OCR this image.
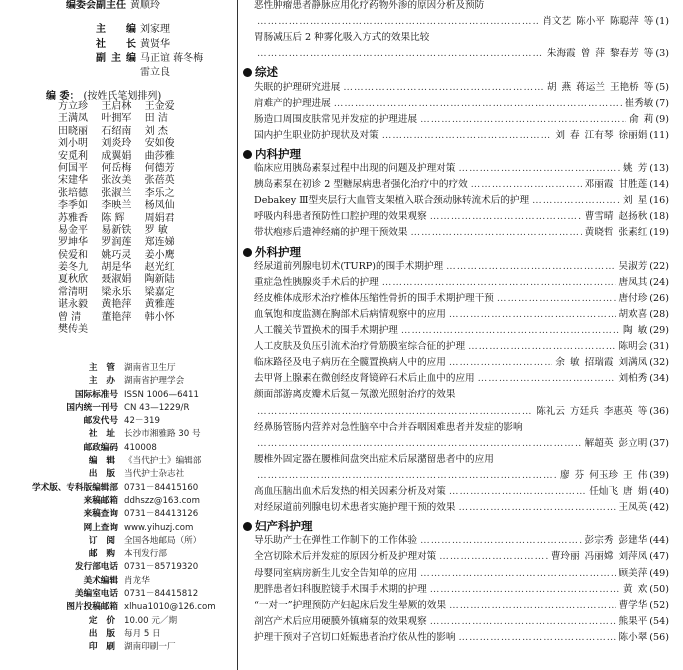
编委会副主任 黄顺玲
主 编 刘家理
社 长 黄贤华
副主编 马正谊 蒋冬梅
雷立良
编 委： (按姓氏笔划排列)
方立珍	王启林	王金爱
王满凤	叶拥军	田 洁
田晓丽	石绍南	刘 杰
刘小明	刘炎玲	安如俊
安觅利	成翼娟	曲莎雅
何国平	何岳梅	何德芳
宋建华	张汝美	张蓓英
张培德	张淑兰	李乐之
李季如	李映兰	杨凤仙
苏雅香	陈 辉	周娟君
易金平	易新铁	罗 敏
罗坤华	罗润莲	郑连娣
侯爱和	姚巧灵	姜小鹰
姜冬九	胡是华	赵光红
夏秋欣	聂淑娟	陶新陆
常清明	梁永乐	梁嘉定
谌永毅	黄艳萍	黄雅莲
曾 清	董艳萍	韩小怀
樊传美
主 管 湖南省卫生厅
主 办 湖南省护理学会
国际标准号 ISSN 1006—6411
国内统一刊号 CN 43—1229/R
邮发代号 42－319
社 址 长沙市湘雅路 30 号
邮政编码 410008
编 辑 《当代护士》编辑部
出 版 当代护士杂志社
学术版、专科版编辑部 0731－84415160
来稿邮箱 ddhszz@163.com
来稿查询 0731－84413126
网上查询 www.yihuzj.com
订 阅 全国各地邮局（所）
邮 购 本刊发行部
发行部电话 0731－85719320
美术编辑 肖龙华
美编室电话 0731－84415812
图片投稿邮箱 xlhua1010@126.com
定 价 10.00 元／期
出 版 每月 5 日
印 刷 湖南印刷一厂
恶性肿瘤患者静脉应用化疗药物外渗的原因分析及预防
……………………………………………………………………………………………………………………………………………………………………………
肖文艺 陈小平 陈聪萍 等 (1)
胃肠减压后 2 种雾化吸入方式的效果比较
……………………………………………………………………………………………………………………………………………………………………………
朱海霞 曾 萍 黎春芳 等 (3)
综述
失眠的护理研究进展 ……………………………………………………………………………………………………………………………………………………………………………	胡 燕 蒋运兰 王艳桥 等 (5)
肩难产的护理进展 ……………………………………………………………………………………………………………………………………………………………………………	崔秀敏 (7)
肠造口周围皮肤常见并发症的护理进展 ……………………………………………………………………………………………………………………………………………………………………………	俞 莉 (9)
国内护生职业防护现状及对策 ……………………………………………………………………………………………………………………………………………………………………………	刘 春 江有琴 徐丽娟 (11)
内科护理
临床应用胰岛素泵过程中出现的问题及护理对策 ……………………………………………………………………………………………………………………………………………………………………………	姚 芳 (13)
胰岛素泵在初诊 2 型糖尿病患者强化治疗中的疗效 ……………………………………………………………………………………………………………………………………………………………………………	邓丽霞 甘胜莲 (14)
Debakey Ⅲ型夹层行大血管支架植入联合颈动脉转流术后的护理 ……………………………………………………………………………………………………………………………………………………………………………	刘 星 (16)
呼吸内科患者预防性口腔护理的效果观察 ……………………………………………………………………………………………………………………………………………………………………………	曹雪晴 赵扬秋 (18)
带状疱疹后遗神经痛的护理干预效果 ……………………………………………………………………………………………………………………………………………………………………………	黄晓哲 张素红 (19)
外科护理
经尿道前列腺电切术(TURP)的围手术期护理 ……………………………………………………………………………………………………………………………………………………………………………	吴淑芳 (22)
重症急性胰腺炎手术后的护理 ……………………………………………………………………………………………………………………………………………………………………………	唐凤其 (24)
经皮椎体成形术治疗椎体压缩性骨折的围手术期护理干预 ……………………………………………………………………………………………………………………………………………………………………………	唐付珍 (26)
血氧饱和度监测在胸部术后病情观察中的应用 ……………………………………………………………………………………………………………………………………………………………………………	胡欢喜 (28)
人工髋关节置换术的围手术期护理 ……………………………………………………………………………………………………………………………………………………………………………	陶 敏 (29)
人工皮肤及负压引流术治疗骨筋膜室综合征的护理 ……………………………………………………………………………………………………………………………………………………………………………	陈明会 (31)
临床路径及电子病历在全髋置换病人中的应用 ……………………………………………………………………………………………………………………………………………………………………………	余 敏 招瑞霞 刘满凤 (32)
去甲肾上腺素在微创经皮肾镜碎石术后止血中的应用 ……………………………………………………………………………………………………………………………………………………………………………	刘柏秀 (34)
颜面部游离皮瓣术后氦－氖激光照射治疗的效果
……………………………………………………………………………………………………………………………………………………………………………
陈礼云 方廷兵 李惠英 等 (36)
经鼻肠管肠内营养对急性脑卒中合并吞咽困难患者并发症的影响
……………………………………………………………………………………………………………………………………………………………………………
解超英 彭立明 (37)
腰椎外固定器在腰椎间盘突出症术后尿潴留患者中的应用
……………………………………………………………………………………………………………………………………………………………………………
廖 芬 何玉珍 王 伟 (39)
高血压脑出血术后发热的相关因素分析及对策 ……………………………………………………………………………………………………………………………………………………………………………	任灿飞 唐 娟 (40)
对经尿道前列腺电切术患者实施护理干预的效果 ……………………………………………………………………………………………………………………………………………………………………………	王凤英 (42)
妇产科护理
导乐助产士在弹性工作制下的工作体验 ……………………………………………………………………………………………………………………………………………………………………………	彭宗秀 彭建华 (44)
全宫切除术后并发症的原因分析及护理对策 ……………………………………………………………………………………………………………………………………………………………………………	曹玲丽 冯丽嫦 刘萍凤 (47)
母婴同室病房新生儿安全告知单的应用 ……………………………………………………………………………………………………………………………………………………………………………	顾美萍 (49)
肥胖患者妇科腹腔镜手术围手术期的护理 ……………………………………………………………………………………………………………………………………………………………………………	黄 欢 (50)
“一对一”护理预防产妇起床后发生晕厥的效果 ……………………………………………………………………………………………………………………………………………………………………………	曹学华 (52)
剖宫产术后应用硬膜外镇痛泵的效果观察 ……………………………………………………………………………………………………………………………………………………………………………	熊果平 (54)
护理干预对子宫切口妊娠患者治疗依从性的影响 ……………………………………………………………………………………………………………………………………………………………………………	陈小翠 (56)
